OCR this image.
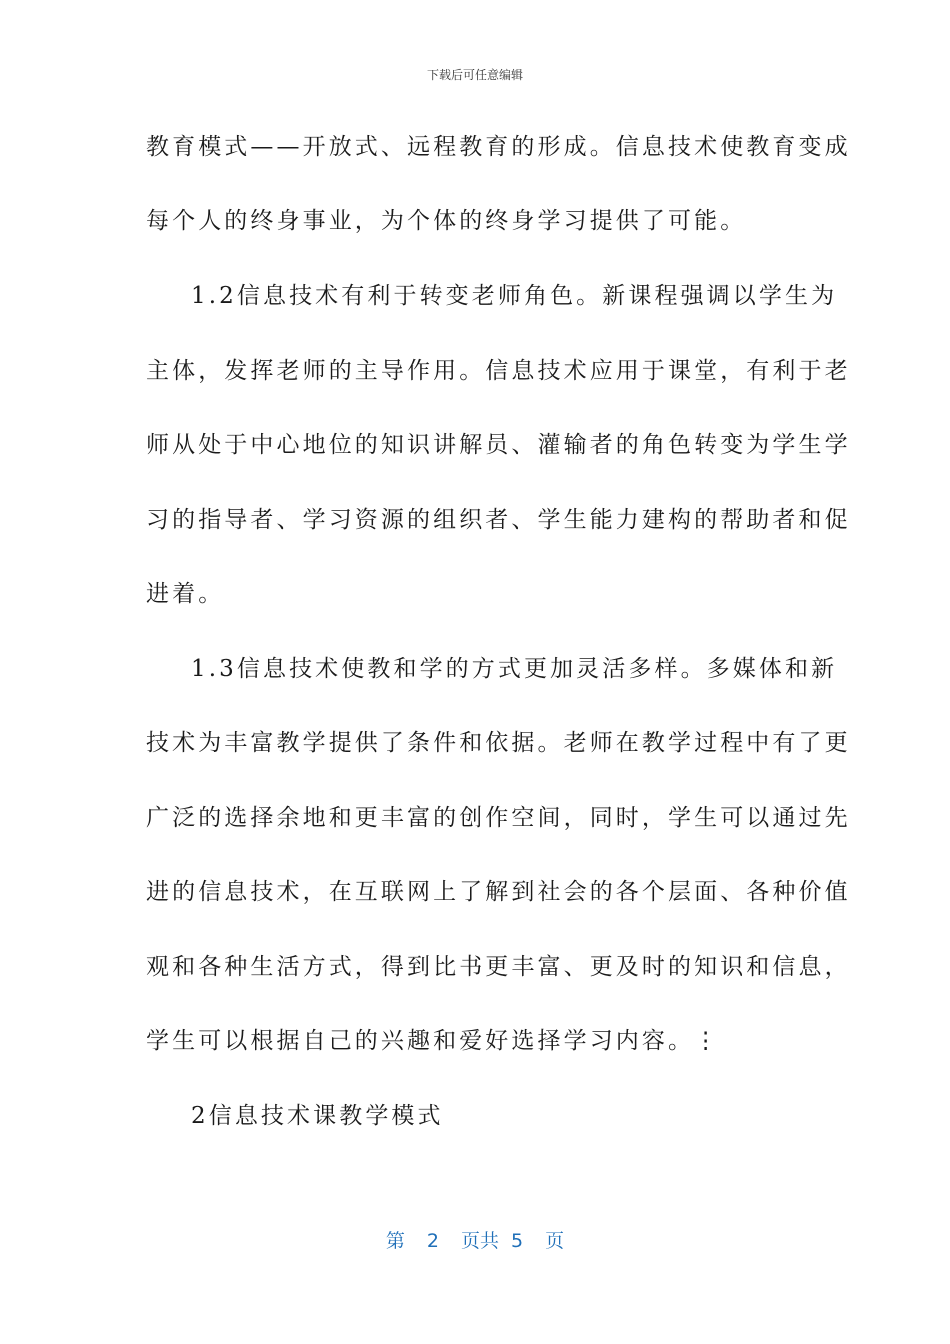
下载后可任意编辑
教育模式——开放式、远程教育的形成。信息技术使教育变成
每个人的终身事业，为个体的终身学习提供了可能。
1.2信息技术有利于转变老师角色。新课程强调以学生为
主体，发挥老师的主导作用。信息技术应用于课堂，有利于老
师从处于中心地位的知识讲解员、灌输者的角色转变为学生学
习的指导者、学习资源的组织者、学生能力建构的帮助者和促
进着。
1.3信息技术使教和学的方式更加灵活多样。多媒体和新
技术为丰富教学提供了条件和依据。老师在教学过程中有了更
广泛的选择余地和更丰富的创作空间，同时，学生可以通过先
进的信息技术，在互联网上了解到社会的各个层面、各种价值
观和各种生活方式，得到比书更丰富、更及时的知识和信息，
学生可以根据自己的兴趣和爱好选择学习内容。⋮
2信息技术课教学模式
第 2 页共 5 页
